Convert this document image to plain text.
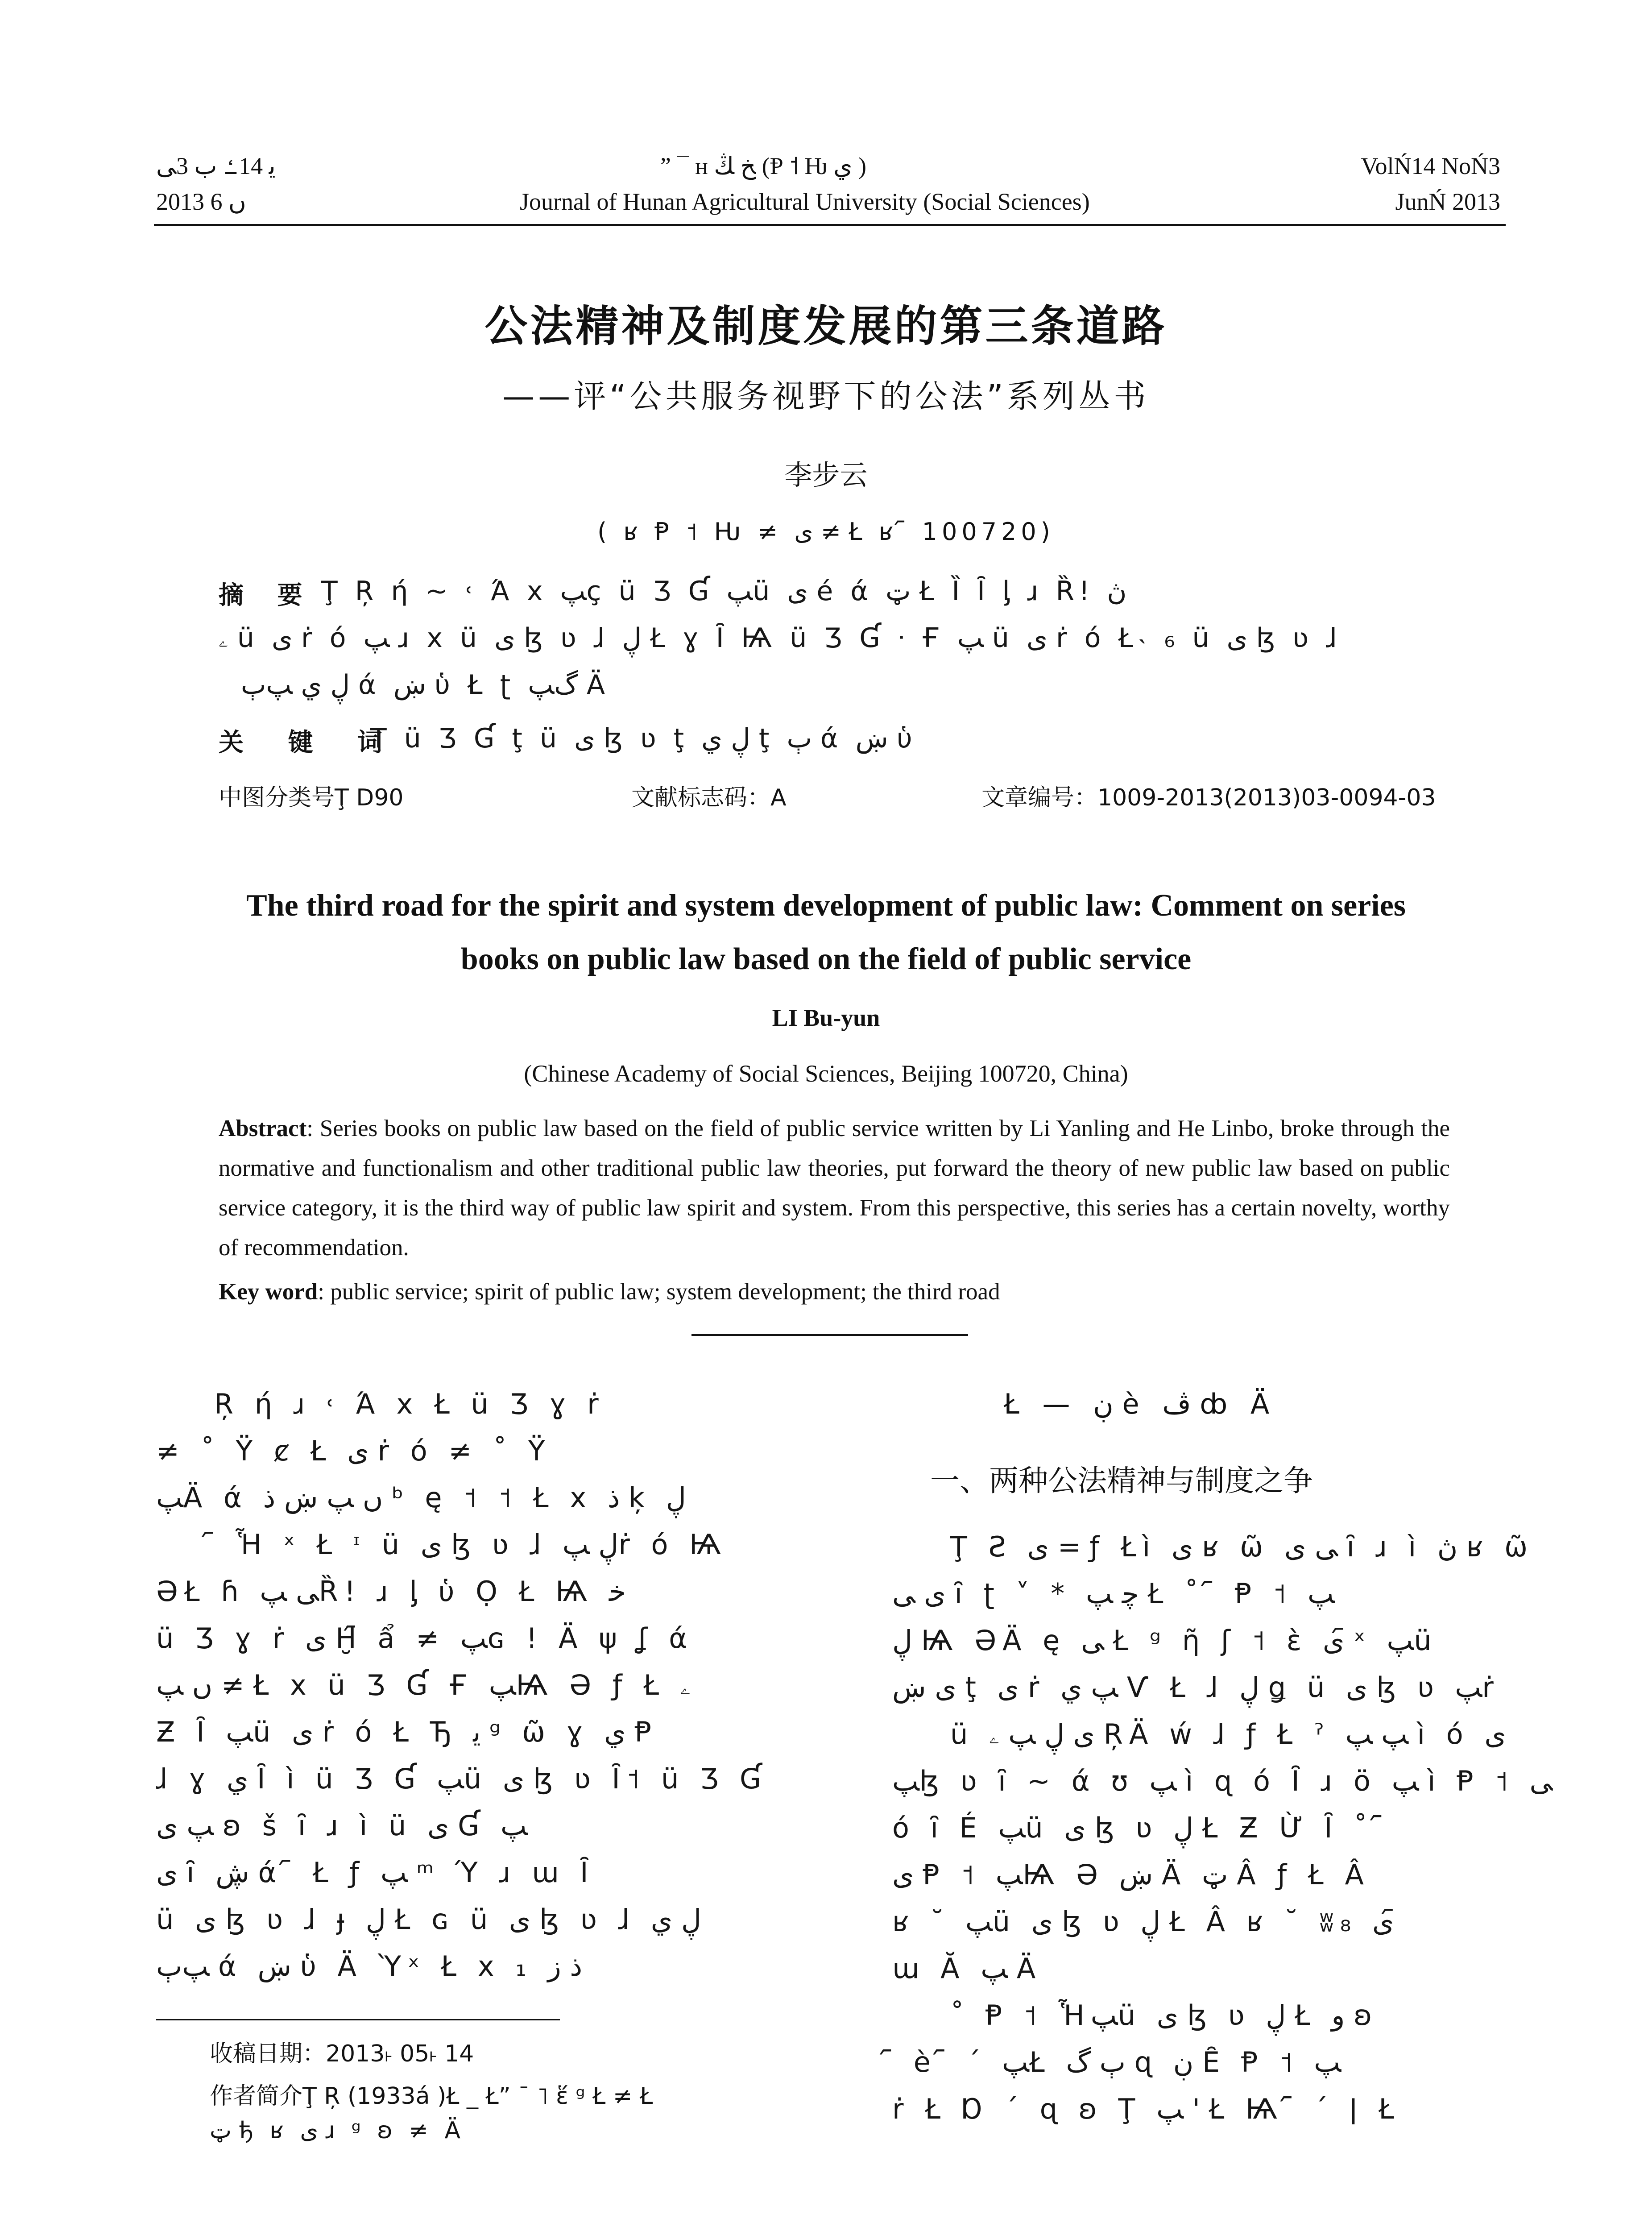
ﯾ 14ߑ ب 3ﯽ
2013 ں 6
” ¯ ʜ ﺦ ﯔ (Ᵽ ˦ Ƕ ي )
Journal of Hunan Agricultural University (Social Sciences)
VolŃ14 NoŃ3
JunŃ 2013
公法精神及制度发展的第三条道路
——评“公共服务视野下的公法”系列丛书
李步云
( ʁ Ᵽ ˦ Ƕ ≠ ﯼ ≠ Ł ʁ ᷇ 100720)
摘 要 Ţ Ŗ ή ~ ˓ Ά x ﭗç ü Ʒ Ɠ ﭗü ﯼ é ά ټ Ł Ȉ Ȋ ᶅ ɹ Ȑ! ڽ
ۦ ü ﯼ ṙ ó ﭗ ɹ x ü ﯼ ɮ ʋ ɺ ڸ Ł ɣ Ȋ Ѩ ü Ʒ Ɠ ᐧ Ғ ﭗ ü ﯼ ṙ ó Ł˴ ₆ ü ﯼ ɮ ʋ ɺ
ڸ ي ﭗٻ ά ښ ὑ Ł ʈ ﮒﭗ Ä
关 键 词
Ţ ü Ʒ Ɠ ţ ü ﯼ ɮ ʋ ţ ڸ ي ţ ٻ ά ښ ὑ
中图分类号Ţ D90	文献标志码：A	文章编号：1009-2013(2013)03-0094-03
The third road for the spirit and system development of public law: Comment on series
books on public law based on the field of public service
LI Bu-yun
(Chinese Academy of Social Sciences, Beijing 100720, China)
Abstract: Series books on public law based on the field of public service written by Li Yanling and He Linbo, broke through the normative and functionalism and other traditional public law theories, put forward the theory of new public law based on public service category, it is the third way of public law spirit and system. From this perspective, this series has a certain novelty, worthy of recommendation.
Key word: public service; spirit of public law; system development; the third road
Ŗ ή ɹ ˓ Ά x Ł ü Ʒ ɣ ṙ
≠ ˚ Ÿ ȼ Ł ﯼ ṙ ó ≠ ˚ Ÿ
ﭗÄ ά ں ﭗ ښ ﺫ ᵇ ę ˦ ˦ Ł x ﺫ ķ ڸ
᷇ Ἧ ˣ Ł ᶦ ü ﯼ ɮ ʋ ɺ ڸ ﭗṙ ó Ѩ
ƏŁ ɦ ﯽ ﭗȐ! ɹ ᶅ ὑ Ọ Ł Ѩ ﺧ
ü Ʒ ɣ ṙ ﯼ Ḫ᷇ ẩ ≠ ﭗɢ ! Ä ψ ʆ ά
ں ﭗ ≠ Ł x ü Ʒ Ɠ Ғ ﭗѨ Ə ƒ Ł ۦ
Ƶ Ȋ ﭗü ﯼ ṙ ó Ł Ђ ﯾ ᵍ ῶ ɣ ي Ᵽ
ɺ ɣ ي Ȋ ì ü Ʒ Ɠ ﭗü ﯼ ɮ ʋ Ȋ˦ ü Ʒ Ɠ
ﭗ ﯼ ʚ š ȋ ɹ ì ü ﯼ Ɠ ﭗ
ﯼ ȋ ڜ ά ᷇ Ł ƒ ﭗ ᵐ Ύ ɹ ɯ Ȋ
ü ﯼ ɮ ʋ ɺ ɟ ڸ Ł ɢ ü ﯼ ɮ ʋ ɺ ڸ ي
ﭗٻ ά ښ ὑ Ä Ὺˣ Ł x ₁ ﺫ ﺯ
收稿日期：2013˫ 05˫ 14
作者简介Ţ Ŗ (1933á )Ł _ Ł” ¯ ˥ ἕ ᵍ Ł ≠ Ł
ټ ђ ʁ ﯼ ɹ ᵍ ʚ ≠ Ä
Ł — ڹ è ڤ ȸ Ä
一、两种公法精神与制度之争
Ţ Ƨ ﯼ = ƒ Łì ﯼ ʁ ῶ ﯽ ﯼ ȋ ɹ ì ڽ ʁ ῶ
ﯼ ﯽ ȋ ʈ ˅ * ﭼ ﭗ Ł ˚ ᷇ Ᵽ ˦ ﭗ
ڸ Ѩ ƏÄ ę ﯽ Ł ᵍ ῆ ʃ ˦ ὲ ﯼ ᷇ˣ ﭗü
ﯼ ښ ţ ﯼ ṙ ﭗ ي Ѵ Ł ɺ ڸ ǥ ü ﯼ ɮ ʋ ﭗṙ
ü ﯼ ڸ ﭗ ۦ ŖÄ ẃ ɺ ƒ Ł ˀ ﭗ ﭗ ì ó ﯼ
ﭗɮ ʋ ȋ ~ ά ʊ ﭗ ì ɋ ó Ȋ ɹ ö ﭗ ì Ᵽ ˦ ﯽ
ó ȋ É ﭗü ﯼ ɮ ʋ ڸ Ł Ƶ Ừ Ȋ ˚ ᷇
ﯼ Ᵽ ˦ ﭗѨ Ə ښ Ä ټ Â ƒ Ł Â
ʁ ˘ ﭗü ﯼ ɮ ʋ ڸ Ł Â ʁ ˘ ʬ₈ ﯼ ᷇
ɯ Ă ﭗ Ä
˚ Ᵽ ˦ Ἧﭗü ﯼ ɮ ʋ ڸ Ł ﻭ ʚ
᷇ è ᷇ ˊ ﭗŁ ٻ ﮒ ɋ ڹ Ȇ Ᵽ ˦ ﭗ
ṙ Ł Ɒ ˊ ɋ ʚ Ţ ﭗ ' Ł Ѩ ᷇ ˊ ǀ Ł
